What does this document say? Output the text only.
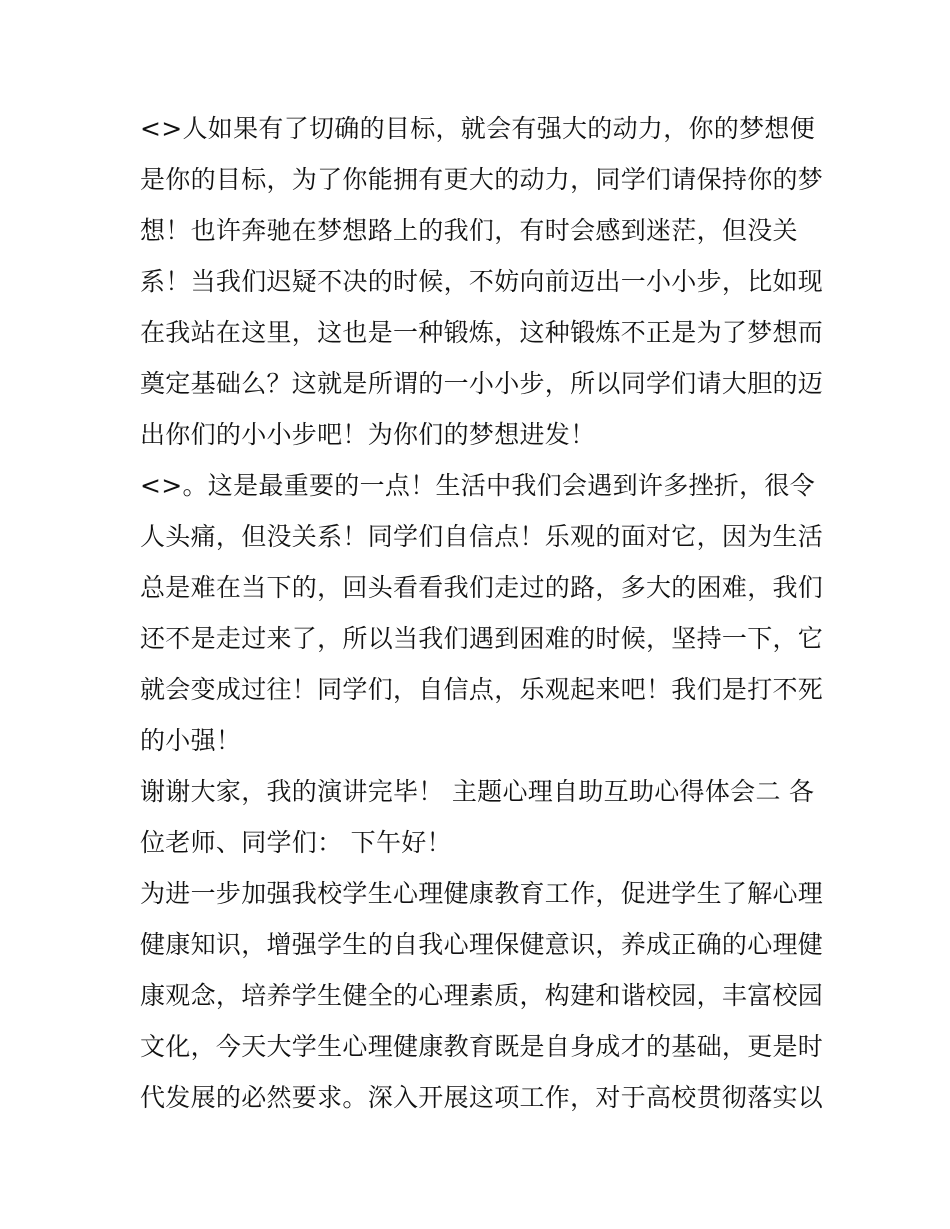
<>人如果有了切确的目标，就会有强大的动力，你的梦想便
是你的目标，为了你能拥有更大的动力，同学们请保持你的梦
想！也许奔驰在梦想路上的我们，有时会感到迷茫，但没关
系！当我们迟疑不决的时候，不妨向前迈出一小小步，比如现
在我站在这里，这也是一种锻炼，这种锻炼不正是为了梦想而
奠定基础么？这就是所谓的一小小步，所以同学们请大胆的迈
出你们的小小步吧！为你们的梦想进发！
<>。这是最重要的一点！生活中我们会遇到许多挫折，很令
人头痛，但没关系！同学们自信点！乐观的面对它，因为生活
总是难在当下的，回头看看我们走过的路，多大的困难，我们
还不是走过来了，所以当我们遇到困难的时候，坚持一下，它
就会变成过往！同学们，自信点，乐观起来吧！我们是打不死
的小强！
谢谢大家，我的演讲完毕！ 主题心理自助互助心得体会二 各
位老师、同学们： 下午好！
为进一步加强我校学生心理健康教育工作，促进学生了解心理
健康知识，增强学生的自我心理保健意识，养成正确的心理健
康观念，培养学生健全的心理素质，构建和谐校园，丰富校园
文化，今天大学生心理健康教育既是自身成才的基础，更是时
代发展的必然要求。深入开展这项工作，对于高校贯彻落实以
